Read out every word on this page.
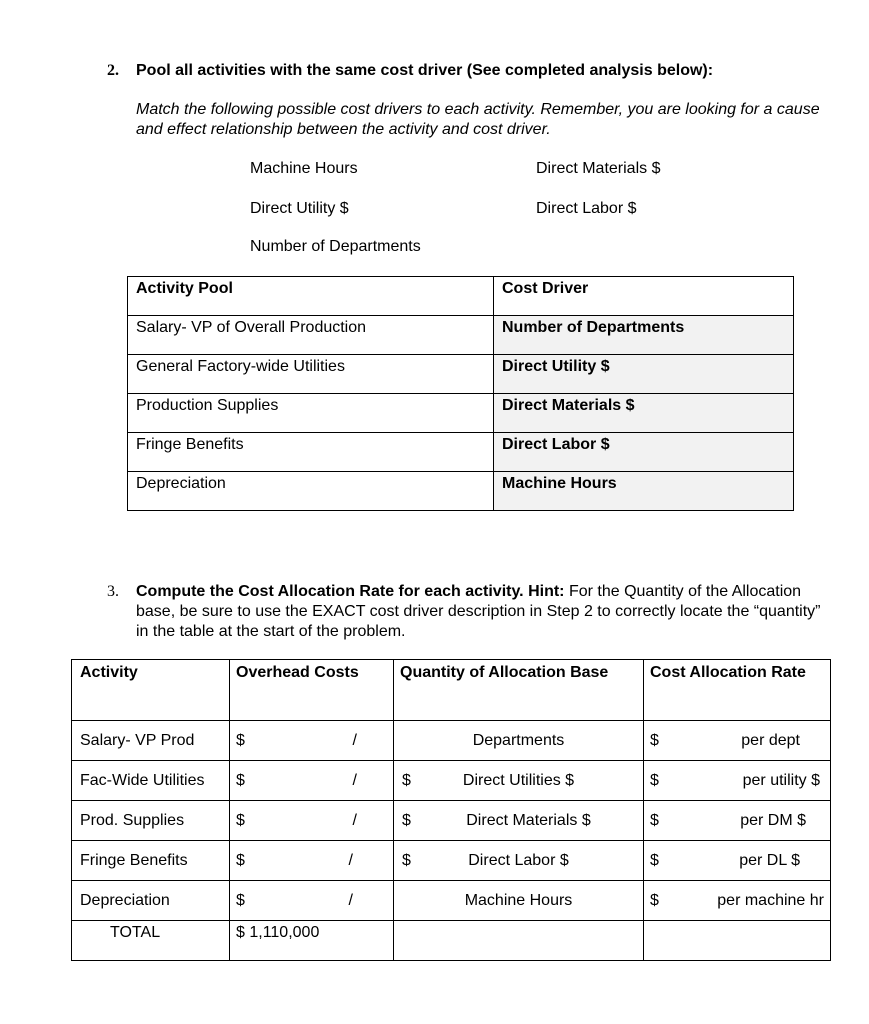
2. Pool all activities with the same cost driver (See completed analysis below):
Match the following possible cost drivers to each activity. Remember, you are looking for a cause and effect relationship between the activity and cost driver.
Machine Hours	Direct Materials $
Direct Utility $	Direct Labor $
Number of Departments
Activity Pool	Cost Driver
Salary- VP of Overall Production	Number of Departments
General Factory-wide Utilities	Direct Utility $
Production Supplies	Direct Materials $
Fringe Benefits	Direct Labor $
Depreciation	Machine Hours
3. Compute the Cost Allocation Rate for each activity. Hint: For the Quantity of the Allocation base, be sure to use the EXACT cost driver description in Step 2 to correctly locate the “quantity” in the table at the start of the problem.
Activity	Overhead Costs	Quantity of Allocation Base	Cost Allocation Rate
Salary- VP Prod	$ /	Departments	$ per dept

Fac-Wide Utilities	$ /	$ Direct Utilities $	$ per utility $

Prod. Supplies	$ /	$ Direct Materials $	$ per DM $

Fringe Benefits	$ /	$ Direct Labor $	$ per DL $

Depreciation	$ /	Machine Hours	$ per machine hr

TOTAL	$ 1,110,000		
